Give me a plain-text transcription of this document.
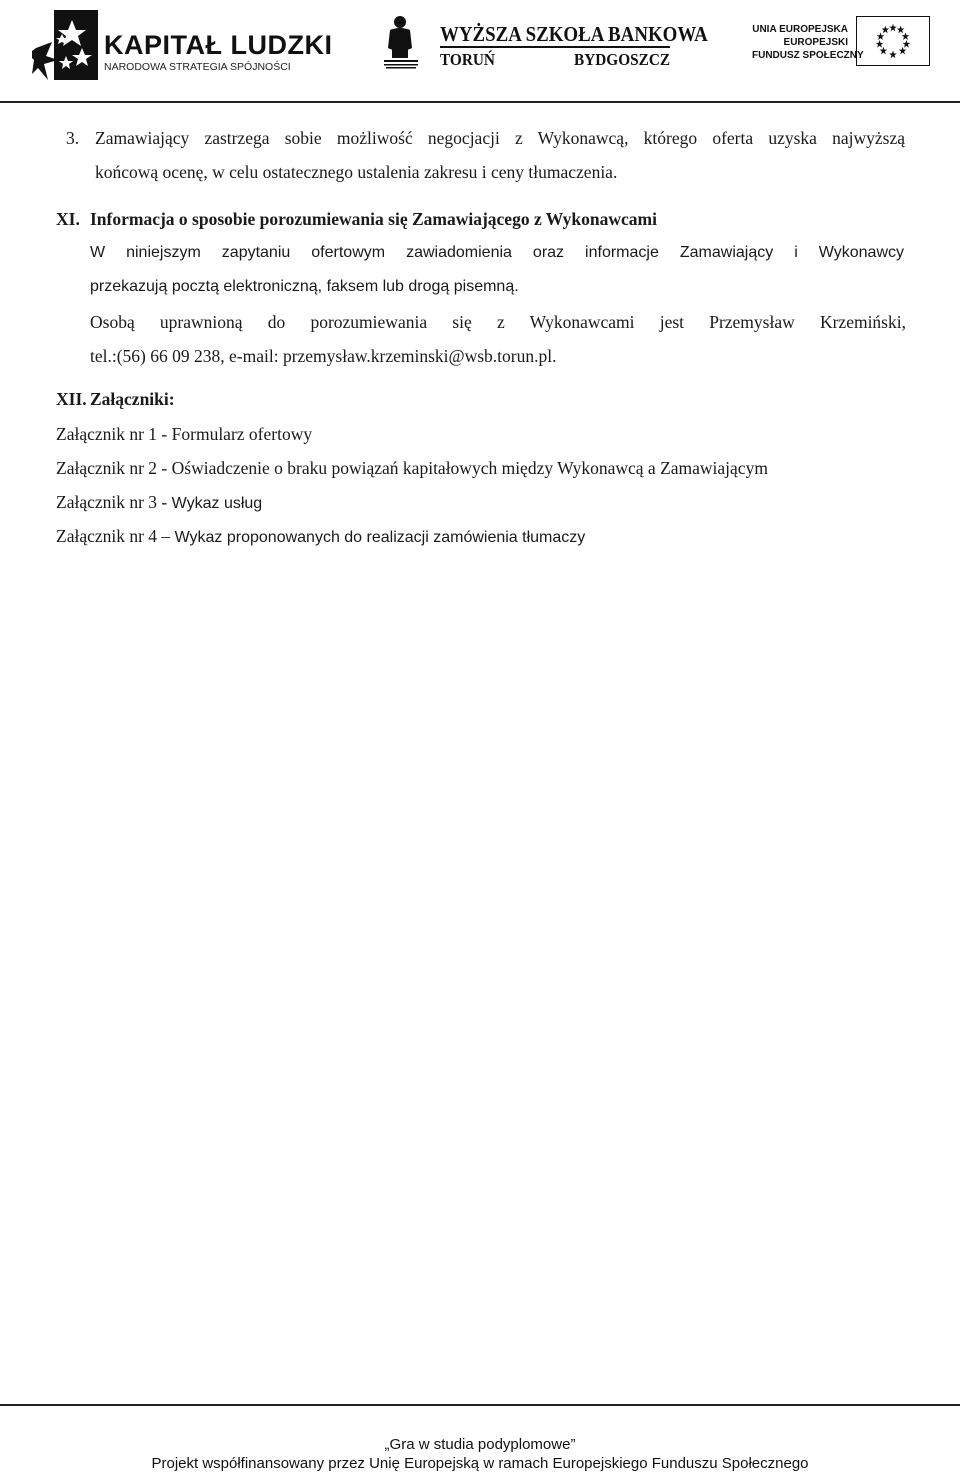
KAPITAŁ LUDZKI
NARODOWA STRATEGIA SPÓJNOŚCI
WYŻSZA SZKOŁA BANKOWA
TORUŃ	BYDGOSZCZ
UNIA EUROPEJSKA
EUROPEJSKI
FUNDUSZ SPOŁECZNY
3. Zamawiający zastrzega sobie możliwość negocjacji z Wykonawcą, którego oferta uzyska najwyższą
końcową ocenę, w celu ostatecznego ustalenia zakresu i ceny tłumaczenia.
XI. Informacja o sposobie porozumiewania się Zamawiającego z Wykonawcami
W niniejszym zapytaniu ofertowym zawiadomienia oraz informacje Zamawiający i Wykonawcy
przekazują pocztą elektroniczną, faksem lub drogą pisemną.
Osobą uprawnioną do porozumiewania się z Wykonawcami jest Przemysław Krzemiński,
tel.:(56) 66 09 238, e-mail: przemysław.krzeminski@wsb.torun.pl.
XII. Załączniki:
Załącznik nr 1 - Formularz ofertowy
Załącznik nr 2 - Oświadczenie o braku powiązań kapitałowych między Wykonawcą a Zamawiającym
Załącznik nr 3 - Wykaz usług
Załącznik nr 4 – Wykaz proponowanych do realizacji zamówienia tłumaczy
„Gra w studia podyplomowe”
Projekt współfinansowany przez Unię Europejską w ramach Europejskiego Funduszu Społecznego
